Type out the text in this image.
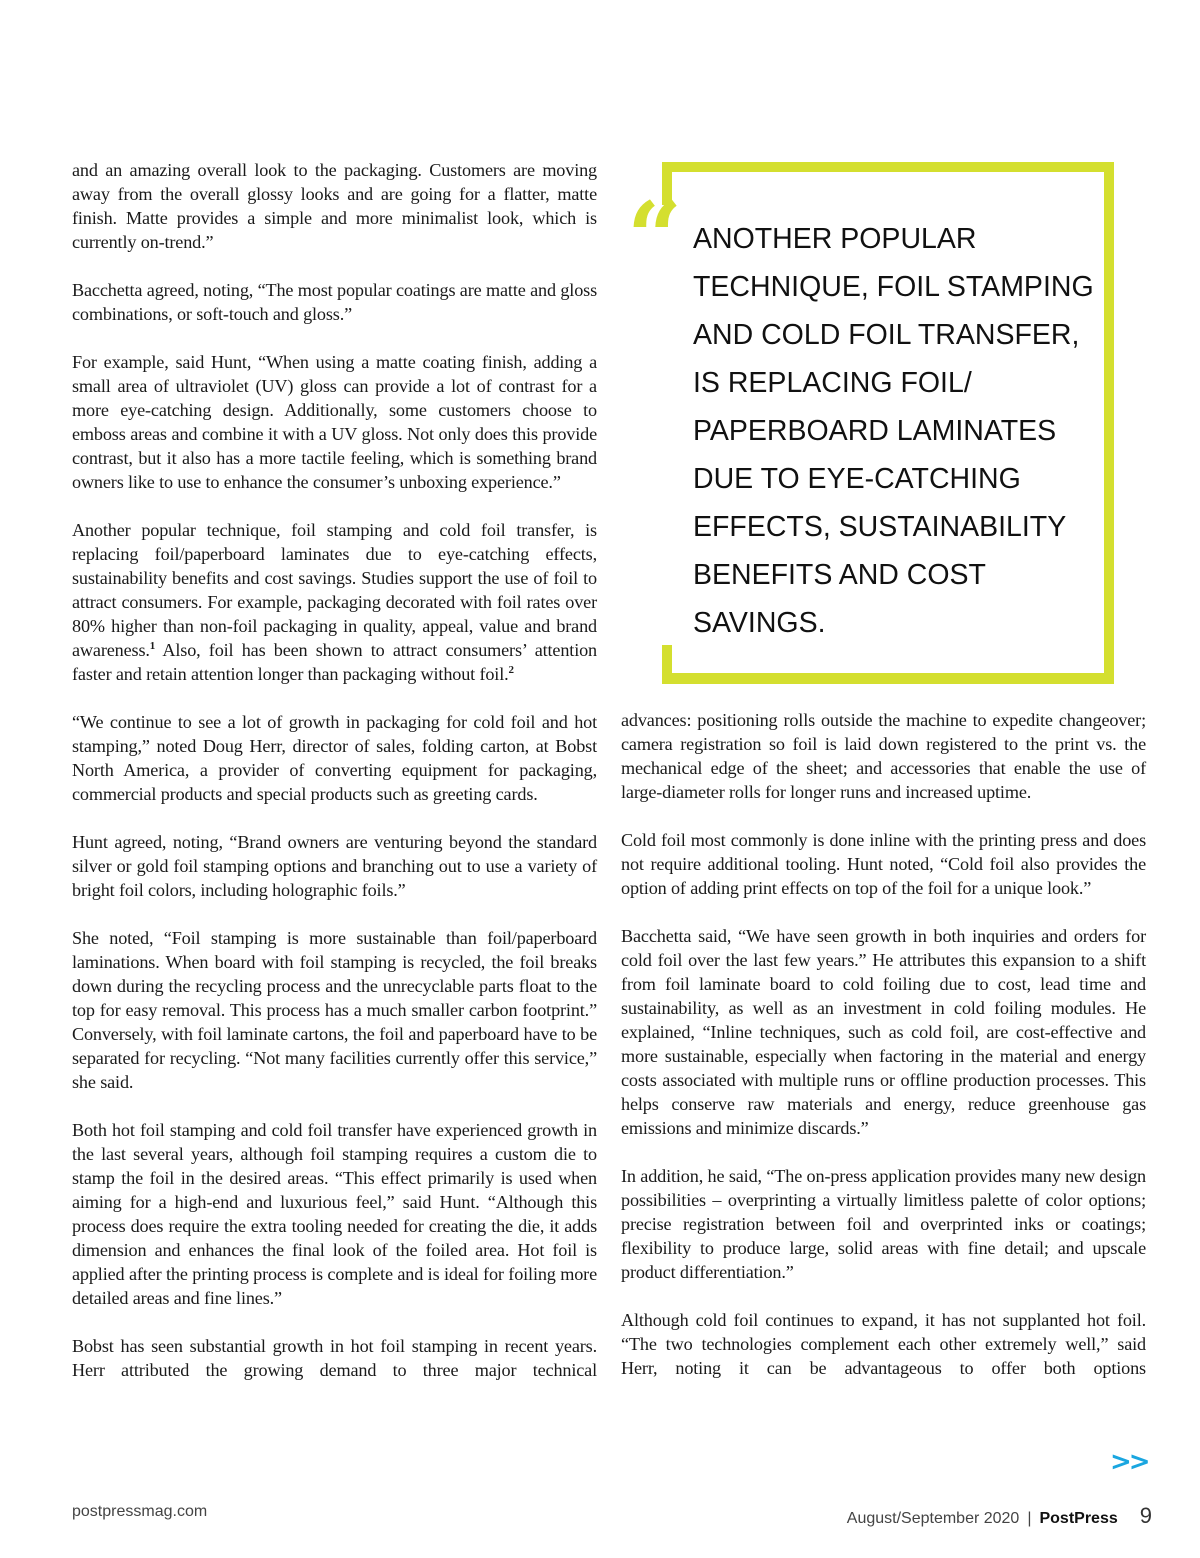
and an amazing overall look to the packaging. Customers are moving away from the overall glossy looks and are going for a flatter, matte finish. Matte provides a simple and more minimalist look, which is currently on-trend.”

Bacchetta agreed, noting, “The most popular coatings are matte and gloss combinations, or soft-touch and gloss.”

For example, said Hunt, “When using a matte coating finish, adding a small area of ultraviolet (UV) gloss can provide a lot of contrast for a more eye-catching design. Additionally, some customers choose to emboss areas and combine it with a UV gloss. Not only does this provide contrast, but it also has a more tactile feeling, which is something brand owners like to use to enhance the consumer’s unboxing experience.”

Another popular technique, foil stamping and cold foil transfer, is replacing foil/paperboard laminates due to eye-catching effects, sustainability benefits and cost savings. Studies support the use of foil to attract consumers. For example, packaging decorated with foil rates over 80% higher than non-foil packaging in quality, appeal, value and brand awareness.$^1$ Also, foil has been shown to attract consumers’ attention faster and retain attention longer than packaging without foil.$^2$

“We continue to see a lot of growth in packaging for cold foil and hot stamping,” noted Doug Herr, director of sales, folding carton, at Bobst North America, a provider of converting equipment for packaging, commercial products and special products such as greeting cards.

Hunt agreed, noting, “Brand owners are venturing beyond the standard silver or gold foil stamping options and branching out to use a variety of bright foil colors, including holographic foils.”

She noted, “Foil stamping is more sustainable than foil/paperboard laminations. When board with foil stamping is recycled, the foil breaks down during the recycling process and the unrecyclable parts float to the top for easy removal. This process has a much smaller carbon footprint.” Conversely, with foil laminate cartons, the foil and paperboard have to be separated for recycling. “Not many facilities currently offer this service,” she said.

Both hot foil stamping and cold foil transfer have experienced growth in the last several years, although foil stamping requires a custom die to stamp the foil in the desired areas. “This effect primarily is used when aiming for a high-end and luxurious feel,” said Hunt. “Although this process does require the extra tooling needed for creating the die, it adds dimension and enhances the final look of the foiled area. Hot foil is applied after the printing process is complete and is ideal for foiling more detailed areas and fine lines.”

Bobst has seen substantial growth in hot foil stamping in recent years. Herr attributed the growing demand to three major technical

“ ANOTHER POPULAR
TECHNIQUE, FOIL STAMPING
AND COLD FOIL TRANSFER,
IS REPLACING FOIL/
PAPERBOARD LAMINATES
DUE TO EYE-CATCHING
EFFECTS, SUSTAINABILITY
BENEFITS AND COST
SAVINGS.

advances: positioning rolls outside the machine to expedite changeover; camera registration so foil is laid down registered to the print vs. the mechanical edge of the sheet; and accessories that enable the use of large-diameter rolls for longer runs and increased uptime.

Cold foil most commonly is done inline with the printing press and does not require additional tooling. Hunt noted, “Cold foil also provides the option of adding print effects on top of the foil for a unique look.”

Bacchetta said, “We have seen growth in both inquiries and orders for cold foil over the last few years.” He attributes this expansion to a shift from foil laminate board to cold foiling due to cost, lead time and sustainability, as well as an investment in cold foiling modules. He explained, “Inline techniques, such as cold foil, are cost-effective and more sustainable, especially when factoring in the material and energy costs associated with multiple runs or offline production processes. This helps conserve raw materials and energy, reduce greenhouse gas emissions and minimize discards.”

In addition, he said, “The on-press application provides many new design possibilities – overprinting a virtually limitless palette of color options; precise registration between foil and overprinted inks or coatings; flexibility to produce large, solid areas with fine detail; and upscale product differentiation.”

Although cold foil continues to expand, it has not supplanted hot foil. “The two technologies complement each other extremely well,” said Herr, noting it can be advantageous to offer both options

>>
postpressmag.com	August/September 2020 | PostPress 9
